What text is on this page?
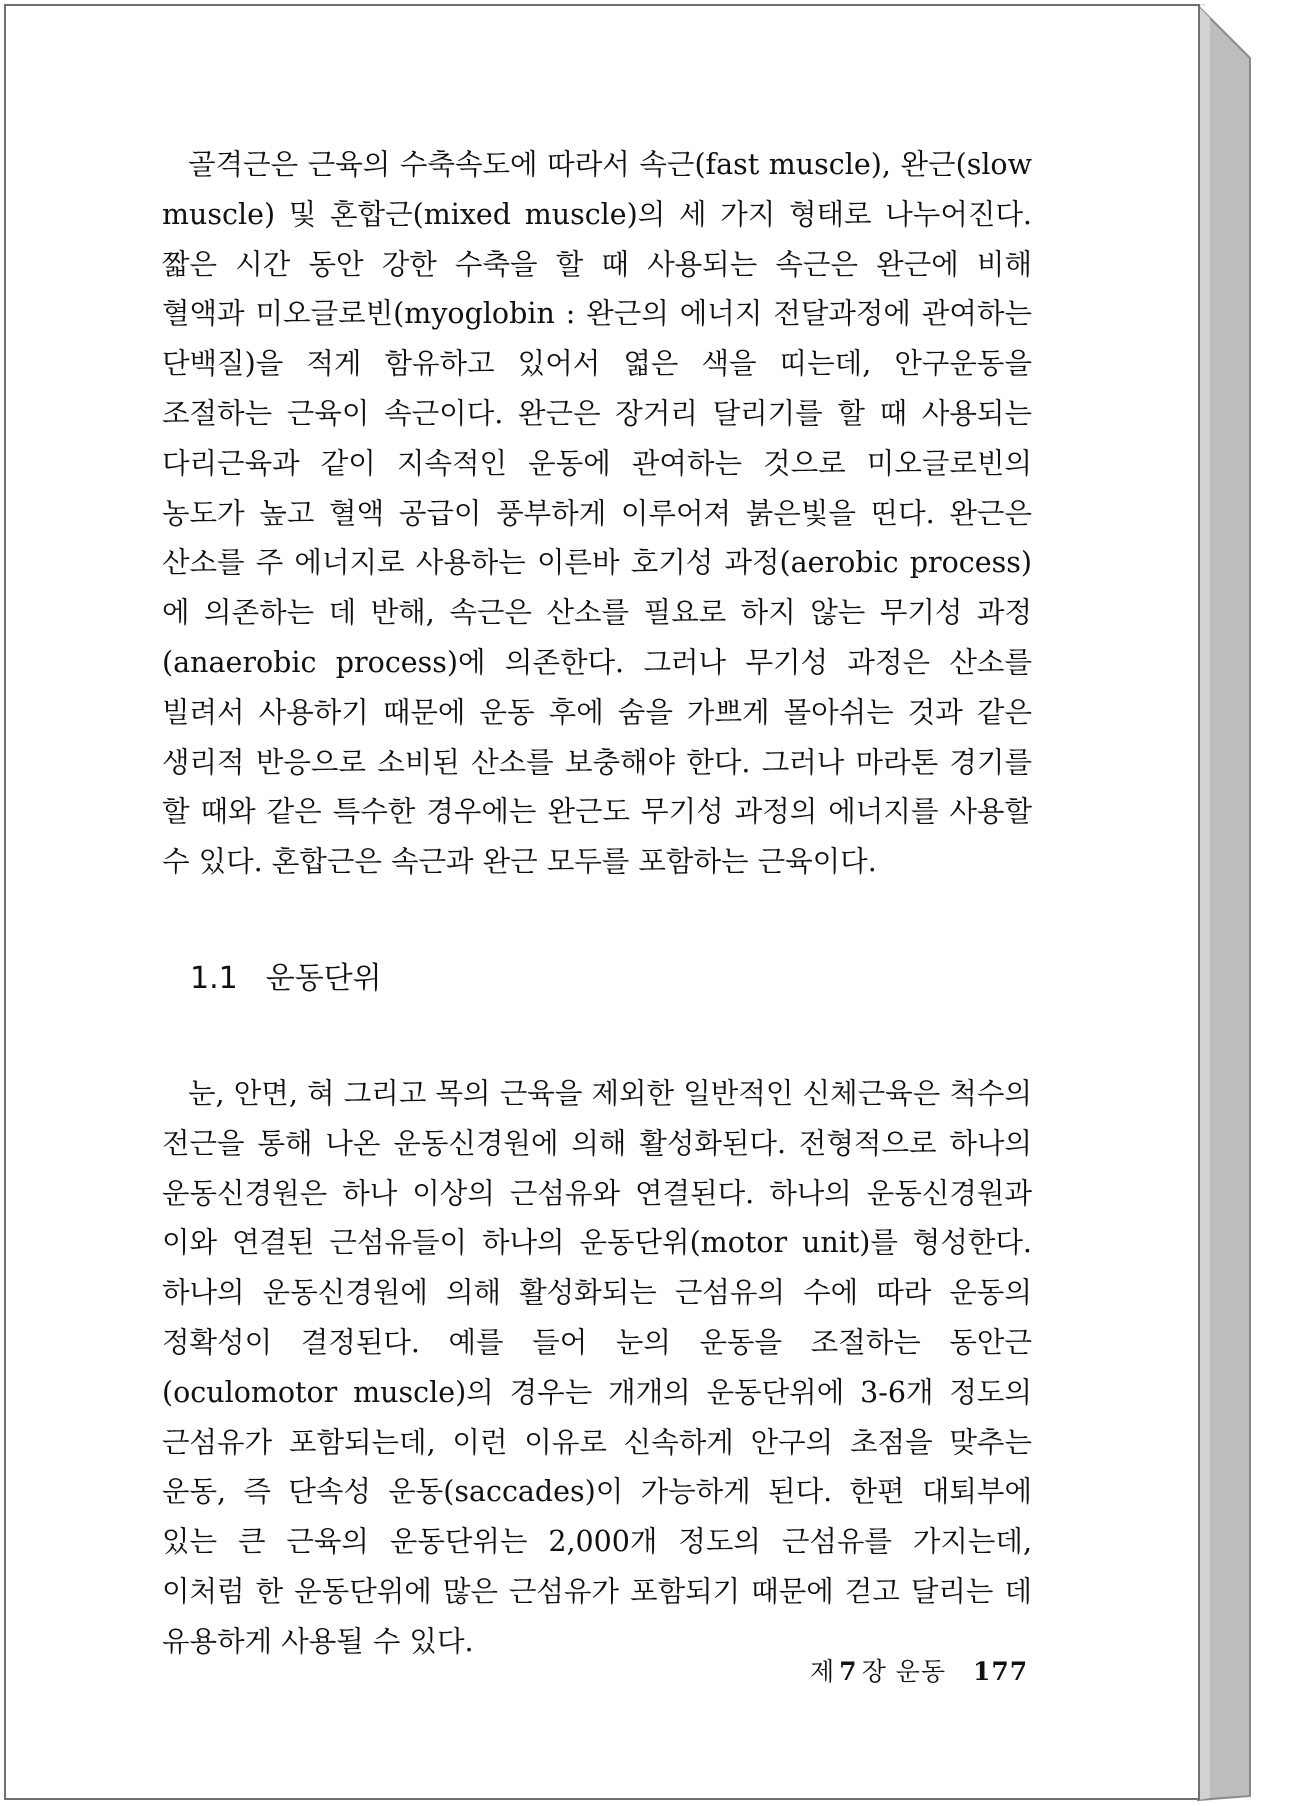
골격근은 근육의 수축속도에 따라서 속근(fast muscle), 완근(slow muscle) 및 혼합근(mixed muscle)의 세 가지 형태로 나누어진다. 짧은 시간 동안 강한 수축을 할 때 사용되는 속근은 완근에 비해 혈액과 미오글로빈(myoglobin : 완근의 에너지 전달과정에 관여하는 단백질)을 적게 함유하고 있어서 엷은 색을 띠는데, 안구운동을 조절하는 근육이 속근이다. 완근은 장거리 달리기를 할 때 사용되는 다리근육과 같이 지속적인 운동에 관여하는 것으로 미오글로빈의 농도가 높고 혈액 공급이 풍부하게 이루어져 붉은빛을 띤다. 완근은 산소를 주 에너지로 사용하는 이른바 호기성 과정(aerobic process)에 의존하는 데 반해, 속근은 산소를 필요로 하지 않는 무기성 과정(anaerobic process)에 의존한다. 그러나 무기성 과정은 산소를 빌려서 사용하기 때문에 운동 후에 숨을 가쁘게 몰아쉬는 것과 같은 생리적 반응으로 소비된 산소를 보충해야 한다. 그러나 마라톤 경기를 할 때와 같은 특수한 경우에는 완근도 무기성 과정의 에너지를 사용할 수 있다. 혼합근은 속근과 완근 모두를 포함하는 근육이다.

1.1 운동단위

눈, 안면, 혀 그리고 목의 근육을 제외한 일반적인 신체근육은 척수의 전근을 통해 나온 운동신경원에 의해 활성화된다. 전형적으로 하나의 운동신경원은 하나 이상의 근섬유와 연결된다. 하나의 운동신경원과 이와 연결된 근섬유들이 하나의 운동단위(motor unit)를 형성한다. 하나의 운동신경원에 의해 활성화되는 근섬유의 수에 따라 운동의 정확성이 결정된다. 예를 들어 눈의 운동을 조절하는 동안근(oculomotor muscle)의 경우는 개개의 운동단위에 3-6개 정도의 근섬유가 포함되는데, 이런 이유로 신속하게 안구의 초점을 맞추는 운동, 즉 단속성 운동(saccades)이 가능하게 된다. 한편 대퇴부에 있는 큰 근육의 운동단위는 2,000개 정도의 근섬유를 가지는데, 이처럼 한 운동단위에 많은 근섬유가 포함되기 때문에 걷고 달리는 데 유용하게 사용될 수 있다.

제 7 장 운동 177
